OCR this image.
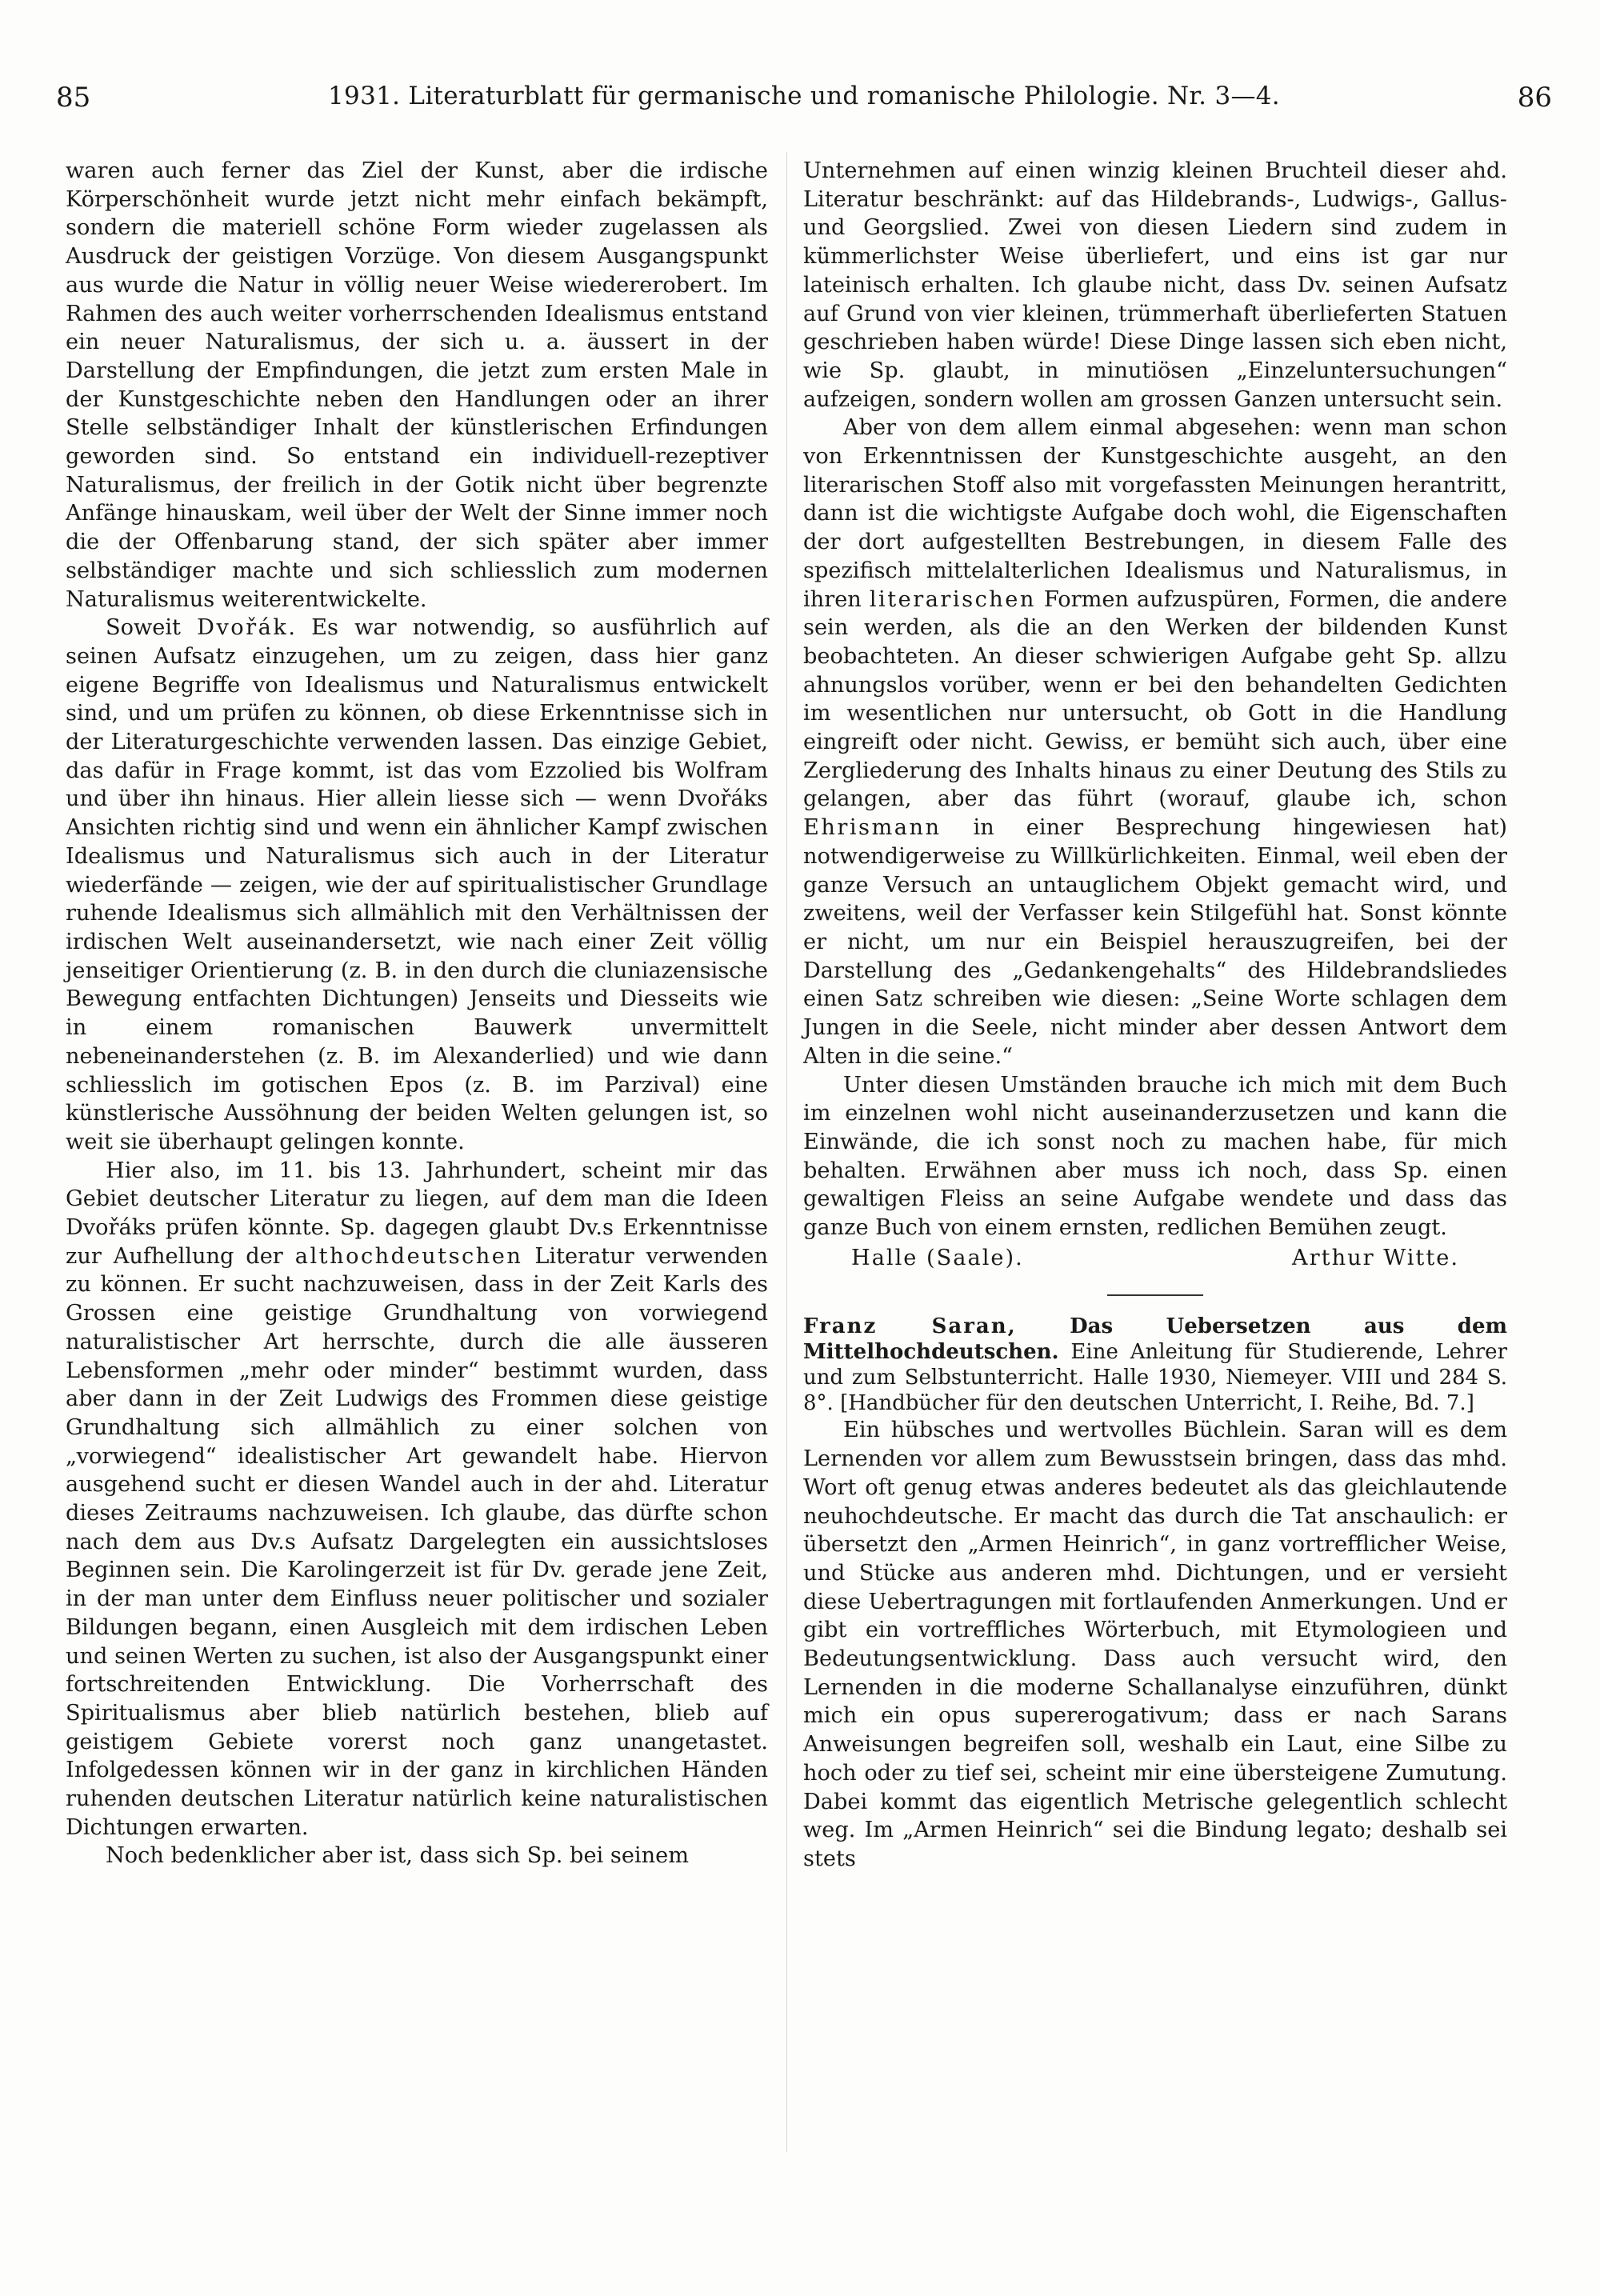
85	1931. Literaturblatt für germanische und romanische Philologie. Nr. 3—4.	86

waren auch ferner das Ziel der Kunst, aber die irdische Körperschönheit wurde jetzt nicht mehr einfach bekämpft, sondern die materiell schöne Form wieder zugelassen als Ausdruck der geistigen Vorzüge. Von diesem Ausgangspunkt aus wurde die Natur in völlig neuer Weise wiedererobert. Im Rahmen des auch weiter vorherrschenden Idealismus entstand ein neuer Naturalismus, der sich u. a. äussert in der Darstellung der Empfindungen, die jetzt zum ersten Male in der Kunstgeschichte neben den Handlungen oder an ihrer Stelle selbständiger Inhalt der künstlerischen Erfindungen geworden sind. So entstand ein individuell-rezeptiver Naturalismus, der freilich in der Gotik nicht über begrenzte Anfänge hinauskam, weil über der Welt der Sinne immer noch die der Offenbarung stand, der sich später aber immer selbständiger machte und sich schliesslich zum modernen Naturalismus weiterentwickelte.

Soweit Dvořák. Es war notwendig, so ausführlich auf seinen Aufsatz einzugehen, um zu zeigen, dass hier ganz eigene Begriffe von Idealismus und Naturalismus entwickelt sind, und um prüfen zu können, ob diese Erkenntnisse sich in der Literaturgeschichte verwenden lassen. Das einzige Gebiet, das dafür in Frage kommt, ist das vom Ezzolied bis Wolfram und über ihn hinaus. Hier allein liesse sich — wenn Dvořáks Ansichten richtig sind und wenn ein ähnlicher Kampf zwischen Idealismus und Naturalismus sich auch in der Literatur wiederfände — zeigen, wie der auf spiritualistischer Grundlage ruhende Idealismus sich allmählich mit den Verhältnissen der irdischen Welt auseinandersetzt, wie nach einer Zeit völlig jenseitiger Orientierung (z. B. in den durch die cluniazensische Bewegung entfachten Dichtungen) Jenseits und Diesseits wie in einem romanischen Bauwerk unvermittelt nebeneinanderstehen (z. B. im Alexanderlied) und wie dann schliesslich im gotischen Epos (z. B. im Parzival) eine künstlerische Aussöhnung der beiden Welten gelungen ist, so weit sie überhaupt gelingen konnte.

Hier also, im 11. bis 13. Jahrhundert, scheint mir das Gebiet deutscher Literatur zu liegen, auf dem man die Ideen Dvořáks prüfen könnte. Sp. dagegen glaubt Dv.s Erkenntnisse zur Aufhellung der althochdeutschen Literatur verwenden zu können. Er sucht nachzuweisen, dass in der Zeit Karls des Grossen eine geistige Grundhaltung von vorwiegend naturalistischer Art herrschte, durch die alle äusseren Lebensformen „mehr oder minder“ bestimmt wurden, dass aber dann in der Zeit Ludwigs des Frommen diese geistige Grundhaltung sich allmählich zu einer solchen von „vorwiegend“ idealistischer Art gewandelt habe. Hiervon ausgehend sucht er diesen Wandel auch in der ahd. Literatur dieses Zeitraums nachzuweisen. Ich glaube, das dürfte schon nach dem aus Dv.s Aufsatz Dargelegten ein aussichtsloses Beginnen sein. Die Karolingerzeit ist für Dv. gerade jene Zeit, in der man unter dem Einfluss neuer politischer und sozialer Bildungen begann, einen Ausgleich mit dem irdischen Leben und seinen Werten zu suchen, ist also der Ausgangspunkt einer fortschreitenden Entwicklung. Die Vorherrschaft des Spiritualismus aber blieb natürlich bestehen, blieb auf geistigem Gebiete vorerst noch ganz unangetastet. Infolgedessen können wir in der ganz in kirchlichen Händen ruhenden deutschen Literatur natürlich keine naturalistischen Dichtungen erwarten.

Noch bedenklicher aber ist, dass sich Sp. bei seinem

Unternehmen auf einen winzig kleinen Bruchteil dieser ahd. Literatur beschränkt: auf das Hildebrands-, Ludwigs-, Gallus- und Georgslied. Zwei von diesen Liedern sind zudem in kümmerlichster Weise überliefert, und eins ist gar nur lateinisch erhalten. Ich glaube nicht, dass Dv. seinen Aufsatz auf Grund von vier kleinen, trümmerhaft überlieferten Statuen geschrieben haben würde! Diese Dinge lassen sich eben nicht, wie Sp. glaubt, in minutiösen „Einzeluntersuchungen“ aufzeigen, sondern wollen am grossen Ganzen untersucht sein.

Aber von dem allem einmal abgesehen: wenn man schon von Erkenntnissen der Kunstgeschichte ausgeht, an den literarischen Stoff also mit vorgefassten Meinungen herantritt, dann ist die wichtigste Aufgabe doch wohl, die Eigenschaften der dort aufgestellten Bestrebungen, in diesem Falle des spezifisch mittelalterlichen Idealismus und Naturalismus, in ihren literarischen Formen aufzuspüren, Formen, die andere sein werden, als die an den Werken der bildenden Kunst beobachteten. An dieser schwierigen Aufgabe geht Sp. allzu ahnungslos vorüber, wenn er bei den behandelten Gedichten im wesentlichen nur untersucht, ob Gott in die Handlung eingreift oder nicht. Gewiss, er bemüht sich auch, über eine Zergliederung des Inhalts hinaus zu einer Deutung des Stils zu gelangen, aber das führt (worauf, glaube ich, schon Ehrismann in einer Besprechung hingewiesen hat) notwendigerweise zu Willkürlichkeiten. Einmal, weil eben der ganze Versuch an untauglichem Objekt gemacht wird, und zweitens, weil der Verfasser kein Stilgefühl hat. Sonst könnte er nicht, um nur ein Beispiel herauszugreifen, bei der Darstellung des „Gedankengehalts“ des Hildebrandsliedes einen Satz schreiben wie diesen: „Seine Worte schlagen dem Jungen in die Seele, nicht minder aber dessen Antwort dem Alten in die seine.“

Unter diesen Umständen brauche ich mich mit dem Buch im einzelnen wohl nicht auseinanderzusetzen und kann die Einwände, die ich sonst noch zu machen habe, für mich behalten. Erwähnen aber muss ich noch, dass Sp. einen gewaltigen Fleiss an seine Aufgabe wendete und dass das ganze Buch von einem ernsten, redlichen Bemühen zeugt.

Halle (Saale).	Arthur Witte.

Franz Saran, Das Uebersetzen aus dem Mittelhochdeutschen. Eine Anleitung für Studierende, Lehrer und zum Selbstunterricht. Halle 1930, Niemeyer. VIII und 284 S. 8°. [Handbücher für den deutschen Unterricht, I. Reihe, Bd. 7.]

Ein hübsches und wertvolles Büchlein. Saran will es dem Lernenden vor allem zum Bewusstsein bringen, dass das mhd. Wort oft genug etwas anderes bedeutet als das gleichlautende neuhochdeutsche. Er macht das durch die Tat anschaulich: er übersetzt den „Armen Heinrich“, in ganz vortrefflicher Weise, und Stücke aus anderen mhd. Dichtungen, und er versieht diese Uebertragungen mit fortlaufenden Anmerkungen. Und er gibt ein vortreffliches Wörterbuch, mit Etymologieen und Bedeutungsentwicklung. Dass auch versucht wird, den Lernenden in die moderne Schallanalyse einzuführen, dünkt mich ein opus supererogativum; dass er nach Sarans Anweisungen begreifen soll, weshalb ein Laut, eine Silbe zu hoch oder zu tief sei, scheint mir eine übersteigene Zumutung. Dabei kommt das eigentlich Metrische gelegentlich schlecht weg. Im „Armen Heinrich“ sei die Bindung legato; deshalb sei stets
